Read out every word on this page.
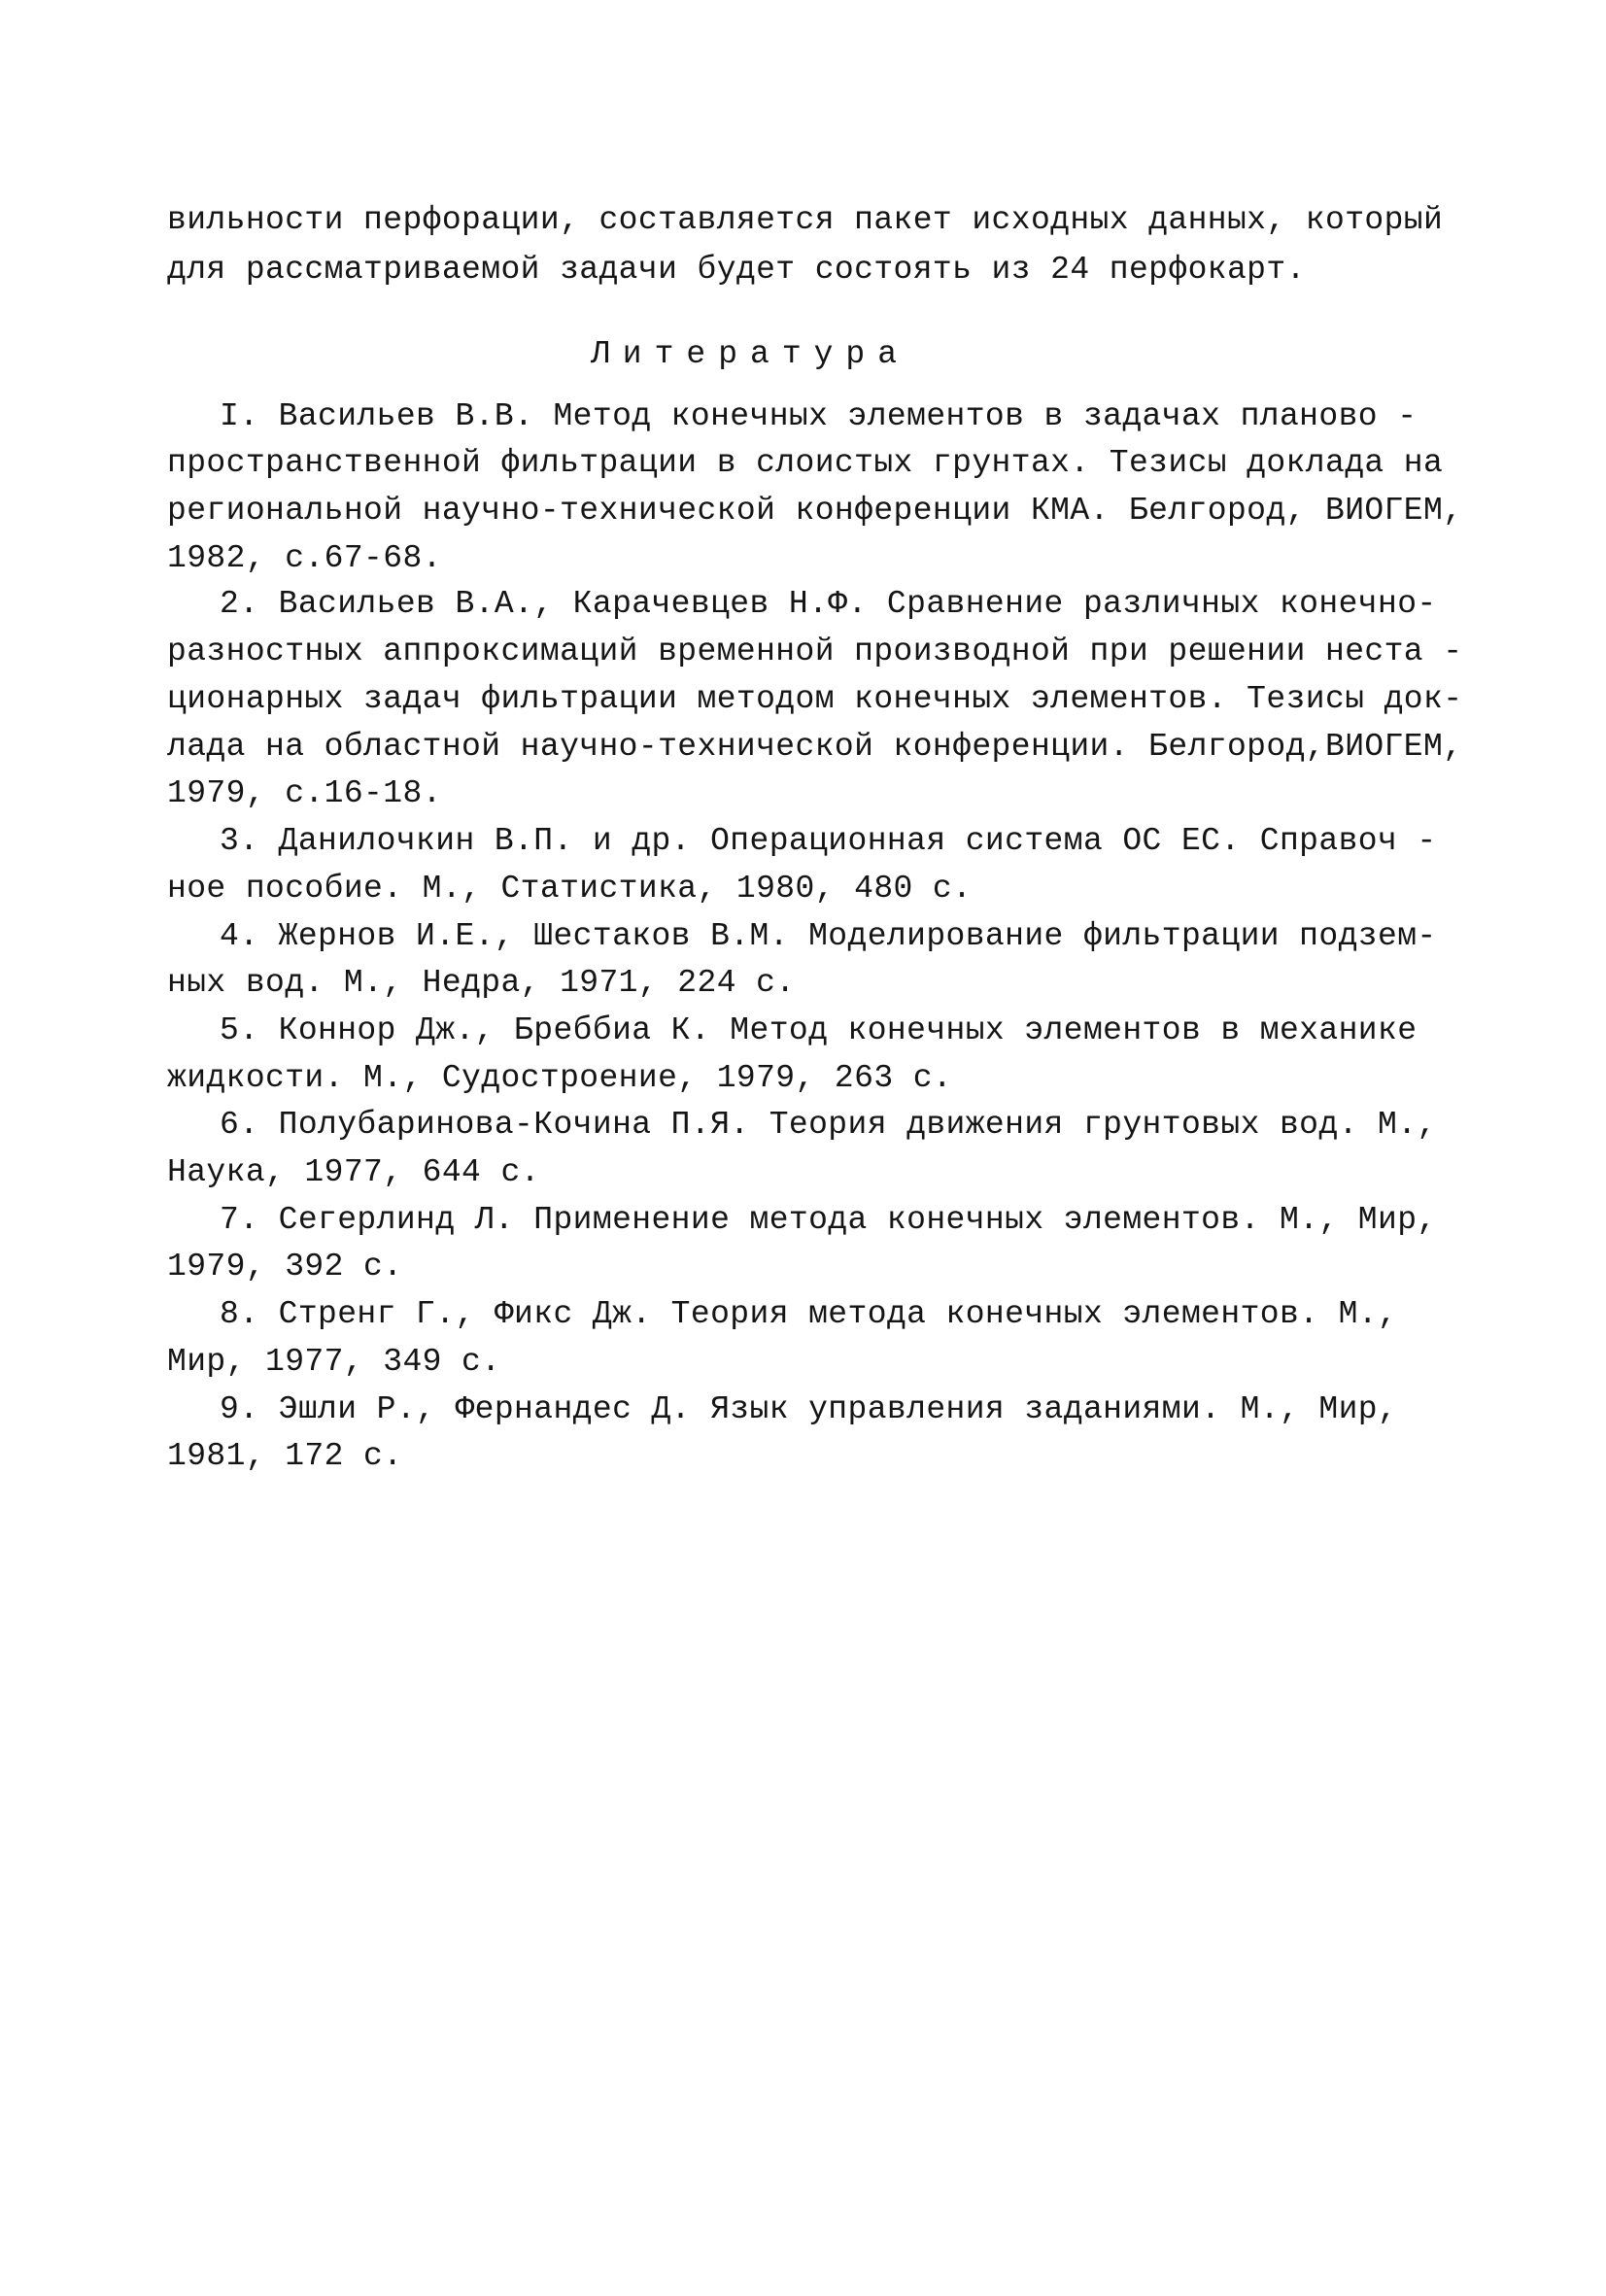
вильности перфорации, составляется пакет исходных данных, который
для рассматриваемой задачи будет состоять из 24 перфокарт.
Литература
I. Васильев В.В. Метод конечных элементов в задачах планово -
пространственной фильтрации в слоистых грунтах. Тезисы доклада на
региональной научно-технической конференции КМА. Белгород, ВИОГЕМ,
1982, с.67-68.
2. Васильев В.А., Карачевцев Н.Ф. Сравнение различных конечно-
разностных аппроксимаций временной производной при решении неста -
ционарных задач фильтрации методом конечных элементов. Тезисы док-
лада на областной научно-технической конференции. Белгород,ВИОГЕМ,
1979, с.16-18.
3. Данилочкин В.П. и др. Операционная система ОС ЕС. Справоч -
ное пособие. М., Статистика, 1980, 480 с.
4. Жернов И.Е., Шестаков В.М. Моделирование фильтрации подзем-
ных вод. М., Недра, 1971, 224 с.
5. Коннор Дж., Бреббиа К. Метод конечных элементов в механике
жидкости. М., Судостроение, 1979, 263 с.
6. Полубаринова-Кочина П.Я. Теория движения грунтовых вод. М.,
Наука, 1977, 644 с.
7. Сегерлинд Л. Применение метода конечных элементов. М., Мир,
1979, 392 с.
8. Стренг Г., Фикс Дж. Теория метода конечных элементов. М.,
Мир, 1977, 349 с.
9. Эшли Р., Фернандес Д. Язык управления заданиями. М., Мир,
1981, 172 с.
